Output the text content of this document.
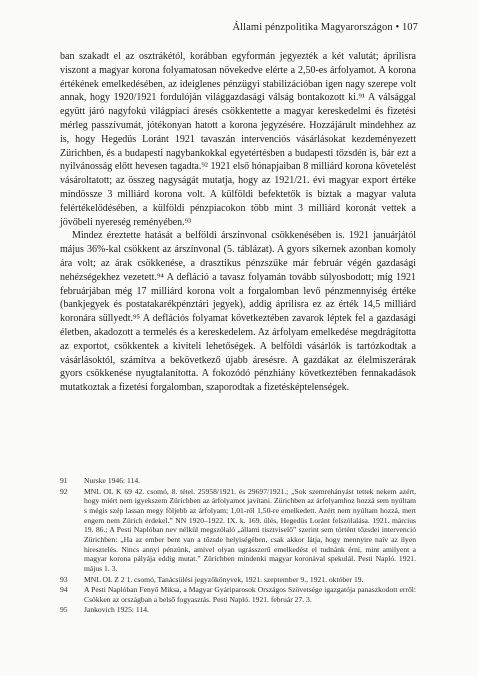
Állami pénzpolitika Magyarországon • 107

ban szakadt el az osztrákétól, korábban egyformán jegyezték a két valutát; áprilisra viszont a magyar korona folyamatosan növekedve elérte a 2,50-es árfolyamot. A korona értékének emelkedésében, az ideiglenes pénzügyi stabilizációban igen nagy szerepe volt annak, hogy 1920/1921 fordulóján világgazdasági válság bontakozott ki.⁹¹ A válsággal együtt járó nagyfokú világpiaci áresés csökkentette a magyar kereskedelmi és fizetési mérleg passzívumát, jótékonyan hatott a korona jegyzésére. Hozzájárult mindehhez az is, hogy Hegedüs Loránt 1921 tavaszán intervenciós vásárlásokat kezdeményezett Zürichben, és a budapesti nagybankokkal egyetértésben a budapesti tőzsdén is, bár ezt a nyilvánosság előtt hevesen tagadta.⁹² 1921 első hónapjaiban 8 milliárd korona követelést vásároltatott; az összeg nagyságát mutatja, hogy az 1921/21. évi magyar export értéke mindössze 3 milliárd korona volt. A külföldi befektetők is bíztak a magyar valuta felértékelődésében, a külföldi pénzpiacokon több mint 3 milliárd koronát vettek a jövőbeli nyereség reményében.⁹³

Mindez éreztette hatását a belföldi árszínvonal csökkenésében is. 1921 januárjától május 36%-kal csökkent az árszínvonal (5. táblázat). A gyors sikernek azonban komoly ára volt; az árak csökkenése, a drasztikus pénzszűke már február végén gazdasági nehézségekhez vezetett.⁹⁴ A defláció a tavasz folyamán tovább súlyosbodott; míg 1921 februárjában még 17 milliárd korona volt a forgalomban levő pénzmennyiség értéke (bankjegyek és postatakarékpénztári jegyek), addig áprilisra ez az érték 14,5 milliárd koronára süllyedt.⁹⁵ A deflációs folyamat következtében zavarok léptek fel a gazdasági életben, akadozott a termelés és a kereskedelem. Az árfolyam emelkedése megdrágította az exportot, csökkentek a kiviteli lehetőségek. A belföldi vásárlók is tartózkodtak a vásárlásoktól, számítva a bekövetkező újabb áresésre. A gazdákat az élelmiszerárak gyors csökkenése nyugtalanította. A fokozódó pénzhiány következtében fennakadások mutatkoztak a fizetési forgalomban, szaporodtak a fizetésképtelenségek.

91 Nurske 1946: 114.
92 MNL OL K 69 42. csomó, 8. tétel. 25958/1921. és 29697/1921.; „Sok szemrehányást tettek nekem azért, hogy miért nem igyekszem Zürichben az árfolyamot javítani. Zürichben az árfolyamhoz hozzá sem nyúltam s mégis szép lassan megy följebb az árfolyam; 1,01-ről 1,50-re emelkedett. Azért nem nyúltam hozzá, mert engem nem Zürich érdekel.” NN 1920–1922. IX. k. 169. ülés, Hegedüs Loránt felszólalása. 1921. március 19. 86.; A Pesti Naplóban nev nélkül megszólaló „állami tisztviselő” szerint sem történt tőzsdei intervenció Zürichben: „Ha az ember bent van a tőzsde helyiségében, csak akkor látja, hogy mennyire naiv az ilyen hiresztelés. Nincs annyi pénzünk, amivel olyan ugrásszerű emelkedést el tudnánk érni, mint amilyent a magyar korona pályája eddig mutat.” Zürichben mindenki magyar koronával spekulál. Pesti Napló. 1921. május 1. 3.
93 MNL OL Z 2 1. csomó, Tanácsülési jegyzőkönyvek, 1921. szeptember 9., 1921. október 19.
94 A Pesti Naplóban Fenyő Miksa, a Magyar Gyáriparosok Országos Szövetsége igazgatója panaszkodott erről: Csökken az országban a belső fogyasztás. Pesti Napló. 1921. február 27. 3.
95 Jankovich 1925: 114.
